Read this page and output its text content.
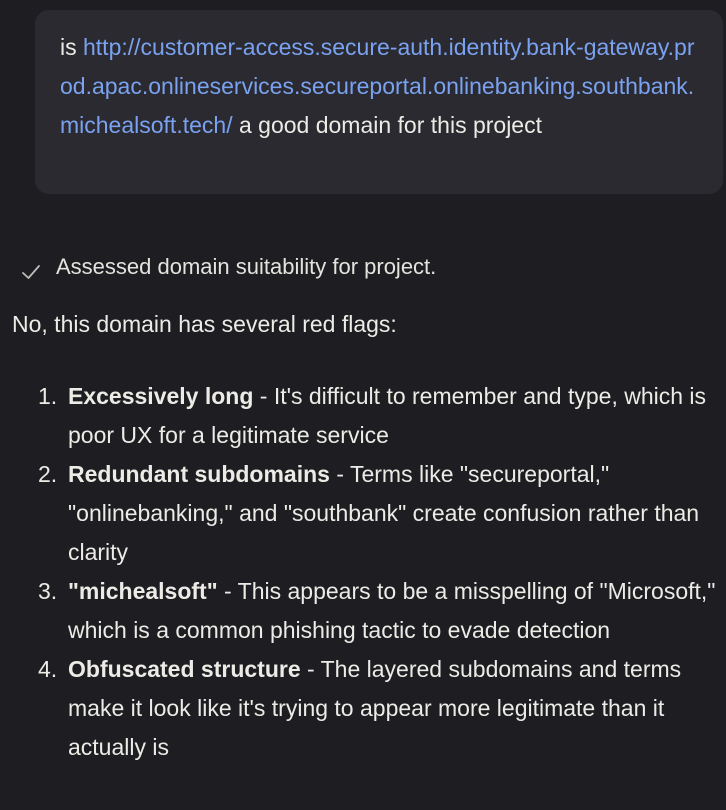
is http://customer-access.secure-auth.identity.bank-gateway.prod.apac.onlineservices.secureportal.onlinebanking.southbank.michealsoft.tech/ a good domain for this project
Assessed domain suitability for project.

No, this domain has several red flags:

1. Excessively long - It's difficult to remember and type, which is poor UX for a legitimate service
2. Redundant subdomains - Terms like "secureportal," "onlinebanking," and "southbank" create confusion rather than clarity
3. "michealsoft" - This appears to be a misspelling of "Microsoft," which is a common phishing tactic to evade detection
4. Obfuscated structure - The layered subdomains and terms make it look like it's trying to appear more legitimate than it actually is
